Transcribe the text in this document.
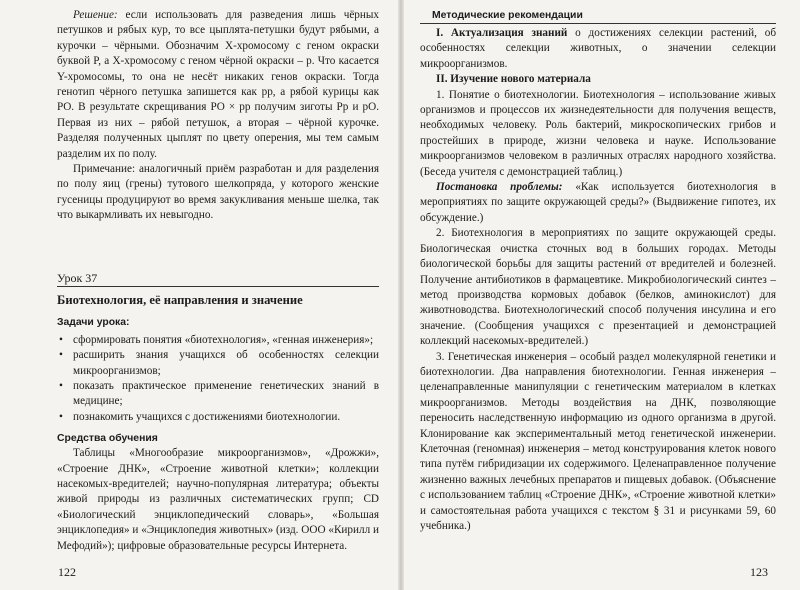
Решение: если использовать для разведения лишь чёрных петушков и рябых кур, то все цыплята-петушки будут рябыми, а курочки – чёрными. Обозначим X-хромосому с геном окраски буквой P, а X-хромосому с геном чёрной окраски – p. Что касается Y-хромосомы, то она не несёт никаких генов окраски. Тогда генотип чёрного петушка запишется как pp, а рябой курицы как PO. В результате скрещивания PO × pp получим зиготы Pp и pO. Первая из них – рябой петушок, а вторая – чёрной курочке. Разделяя полученных цыплят по цвету оперения, мы тем самым разделим их по полу.

Примечание: аналогичный приём разработан и для разделения по полу яиц (грены) тутового шелкопряда, у которого женские гусеницы продуцируют во время закукливания меньше шелка, так что выкармливать их невыгодно.

Урок 37
Биотехнология, её направления и значение
Задачи урока:
• сформировать понятия «биотехнология», «генная инженерия»;
• расширить знания учащихся об особенностях селекции микроорганизмов;
• показать практическое применение генетических знаний в медицине;
• познакомить учащихся с достижениями биотехнологии.
Средства обучения

Таблицы «Многообразие микроорганизмов», «Дрожжи», «Строение ДНК», «Строение животной клетки»; коллекции насекомых-вредителей; научно-популярная литература; объекты живой природы из различных систематических групп; CD «Биологический энциклопедический словарь», «Большая энциклопедия» и «Энциклопедия животных» (изд. ООО «Кирилл и Мефодий»); цифровые образовательные ресурсы Интернета.

122
Методические рекомендации

I. Актуализация знаний о достижениях селекции растений, об особенностях селекции животных, о значении селекции микроорганизмов.

II. Изучение нового материала

1. Понятие о биотехнологии. Биотехнология – использование живых организмов и процессов их жизнедеятельности для получения веществ, необходимых человеку. Роль бактерий, микроскопических грибов и простейших в природе, жизни человека и науке. Использование микроорганизмов человеком в различных отраслях народного хозяйства. (Беседа учителя с демонстрацией таблиц.)

Постановка проблемы: «Как используется биотехнология в мероприятиях по защите окружающей среды?» (Выдвижение гипотез, их обсуждение.)

2. Биотехнология в мероприятиях по защите окружающей среды. Биологическая очистка сточных вод в больших городах. Методы биологической борьбы для защиты растений от вредителей и болезней. Получение антибиотиков в фармацевтике. Микробиологический синтез – метод производства кормовых добавок (белков, аминокислот) для животноводства. Биотехнологический способ получения инсулина и его значение. (Сообщения учащихся с презентацией и демонстрацией коллекций насекомых-вредителей.)

3. Генетическая инженерия – особый раздел молекулярной генетики и биотехнологии. Два направления биотехнологии. Генная инженерия – целенаправленные манипуляции с генетическим материалом в клетках микроорганизмов. Методы воздействия на ДНК, позволяющие переносить наследственную информацию из одного организма в другой. Клонирование как экспериментальный метод генетической инженерии. Клеточная (геномная) инженерия – метод конструирования клеток нового типа путём гибридизации их содержимого. Целенаправленное получение жизненно важных лечебных препаратов и пищевых добавок. (Объяснение с использованием таблиц «Строение ДНК», «Строение животной клетки» и самостоятельная работа учащихся с текстом § 31 и рисунками 59, 60 учебника.)

123
